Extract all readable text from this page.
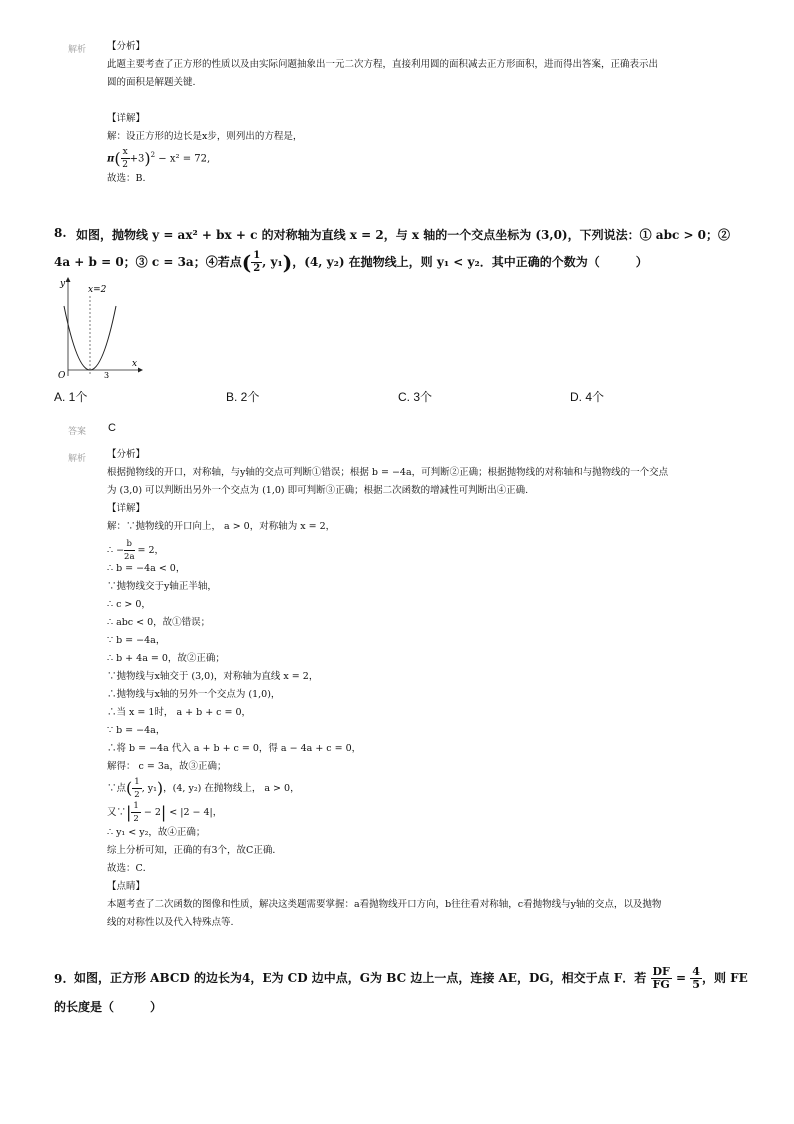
解析 【分析】
此题主要考查了正方形的性质以及由实际问题抽象出一元二次方程，直接利用圆的面积减去正方形面积，进而得出答案，正确表示出
圆的面积是解题关键.
【详解】
解：设正方形的边长是x步，则列出的方程是，
$\pi( \frac{x}{2} +3)^2 - x^2 = 72$,
故选：B.
8. 如图，抛物线 y = ax² + bx + c 的对称轴为直线 x = 2，与 x 轴的一个交点坐标为 (3,0)，下列说法：① abc > 0；②
4a + b = 0；③ c = 3a；④若点( $\frac{1}{2}$ , y₁)，(4, y₂) 在抛物线上，则 y₁ < y₂．其中正确的个数为（　　　）
x=2
y
x
O	3
A. 1个	B. 2个	C. 3个	D. 4个
答案 C
解析 【分析】
根据抛物线的开口，对称轴，与y轴的交点可判断①错误；根据 b = −4a，可判断②正确；根据抛物线的对称轴和与抛物线的一个交点
为 (3,0) 可以判断出另外一个交点为 (1,0) 即可判断③正确；根据二次函数的增减性可判断出④正确.
【详解】
解：∵抛物线的开口向上， a > 0，对称轴为 x = 2，
∴ − $\frac{b}{2a} = 2$，
∴ b = −4a < 0，
∵抛物线交于y轴正半轴，
∴ c > 0，
∴ abc < 0，故①错误；
∵ b = −4a，
∴ b + 4a = 0，故②正确；
∵抛物线与x轴交于 (3,0)，对称轴为直线 x = 2，
∴抛物线与x轴的另外一个交点为 (1,0)，
∴当 x = 1时， a + b + c = 0，
∵ b = −4a，
∴将 b = −4a 代入 a + b + c = 0，得 a − 4a + c = 0，
解得： c = 3a，故③正确；
∵点( $\frac{1}{2}$ , y₁)，(4, y₂) 在抛物线上， a > 0，
又∵| $\frac{1}{2} - 2| < |2 - 4|$，
∴ y₁ < y₂，故④正确；
综上分析可知，正确的有3个，故C正确．
故选：C．
【点睛】
本题考查了二次函数的图像和性质，解决这类题需要掌握：a看抛物线开口方向，b往往看对称轴，c看抛物线与y轴的交点，以及抛物
线的对称性以及代入特殊点等.
9. 如图，正方形 ABCD 的边长为4，E为 CD 边中点，G为 BC 边上一点，连接 AE，DG，相交于点 F．若 $\frac{DF}{FG} = \frac{4}{5}$ ，则 FE
的长度是（　　　）
